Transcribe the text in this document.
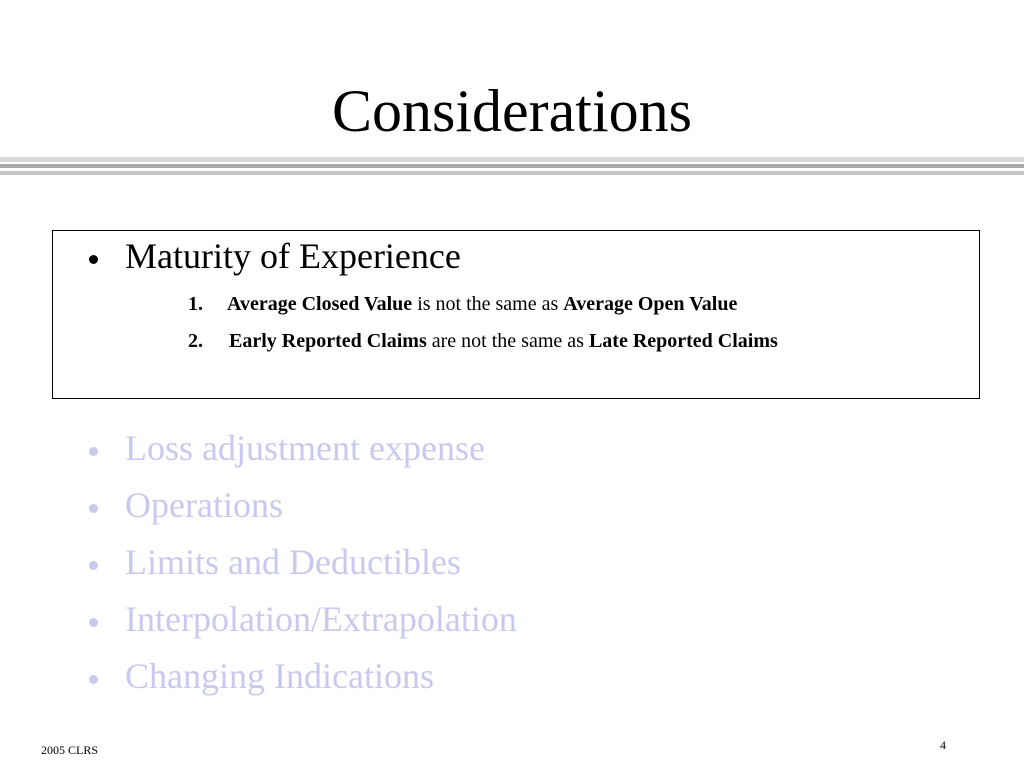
Considerations
Maturity of Experience
1. Average Closed Value is not the same as Average Open Value
2. Early Reported Claims are not the same as Late Reported Claims
Loss adjustment expense
Operations
Limits and Deductibles
Interpolation/Extrapolation
Changing Indications
2005 CLRS	4
